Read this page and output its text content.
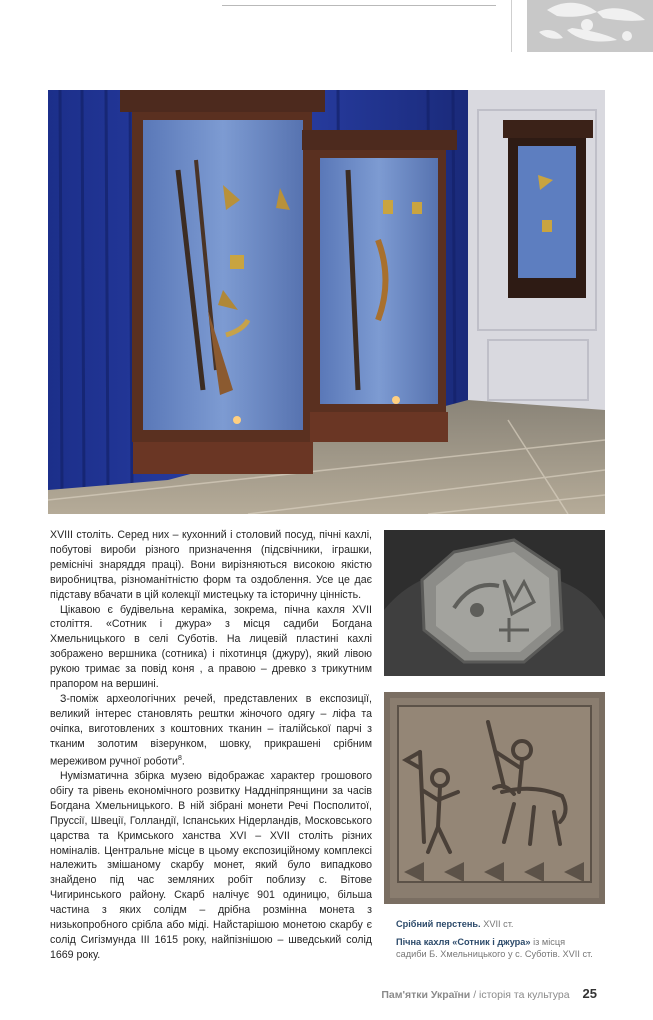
XVIII століть. Серед них – кухонний і столовий посуд, пічні кахлі, побутові вироби різного призначення (підсвічники, іграшки, реміснічі знаряддя праці). Вони вирізняються високою якістю виробництва, різноманітністю форм та оздоблення. Усе це дає підставу вбачати в цій колекції мистецьку та історичну цінність.

Цікавою є будівельна кераміка, зокрема, пічна кахля XVII століття. «Сотник і джура» з місця садиби Богдана Хмельницького в селі Суботів. На лицевій пластині кахлі зображено вершника (сотника) і піхотинця (джуру), який лівою рукою тримає за повід коня , а правою – древко з трикутним прапором на вершині.

З-поміж археологічних речей, представлених в експозиції, великий інтерес становлять рештки жіночого одягу – ліфа та очіпка, виготовлених з коштовних тканин – італійської парчі з тканим золотим візерунком, шовку, прикрашені срібним мереживом ручної роботи$^8$.

Нумізматична збірка музею відображає характер грошового обігу та рівень економічного розвитку Наддніпрянщини за часів Богдана Хмельницького. В ній зібрані монети Речі Посполитої, Пруссії, Швеції, Голландії, Іспанських Нідерландів, Московського царства та Кримського ханства XVI – XVII століть різних номіналів. Центральне місце в цьому експозиційному комплексі належить змішаному скарбу монет, який було випадково знайдено під час земляних робіт поблизу с. Вітове Чигиринського району. Скарб налічує 901 одиницю, більша частина з яких солідм – дрібна розмінна монета з низькопробного срібла або міді. Найстарішою монетою скарбу є солід Сигізмунда III 1615 року, найпізнішою – шведський солід 1669 року.

Срібний перстень. XVII ст.

Пічна кахля «Сотник і джура» із місця садиби Б. Хмельницького у с. Суботів. XVII ст.

Пам'ятки України / історія та культура 25
